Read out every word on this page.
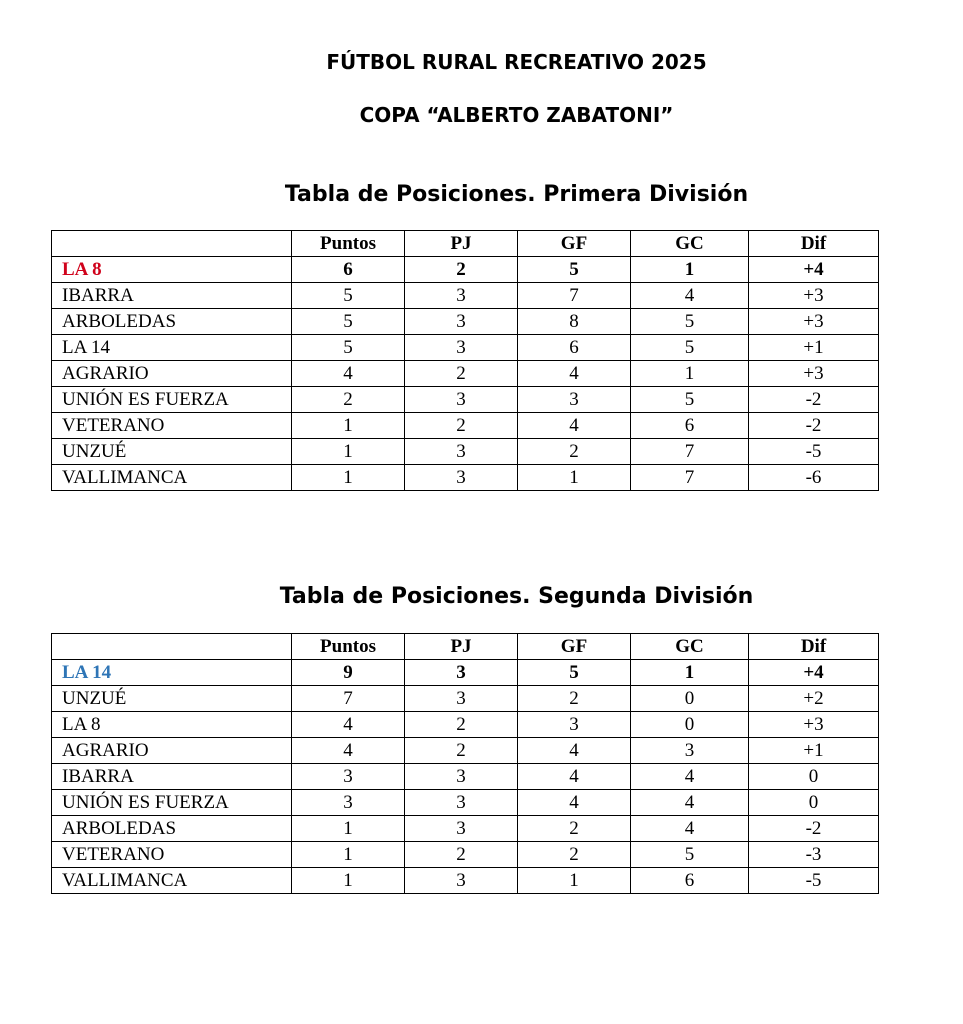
FÚTBOL RURAL RECREATIVO 2025
COPA “ALBERTO ZABATONI”
Tabla de Posiciones. Primera División
	Puntos	PJ	GF	GC	Dif
LA 8	6	2	5	1	+4
IBARRA	5	3	7	4	+3
ARBOLEDAS	5	3	8	5	+3
LA 14	5	3	6	5	+1
AGRARIO	4	2	4	1	+3
UNIÓN ES FUERZA	2	3	3	5	-2
VETERANO	1	2	4	6	-2
UNZUÉ	1	3	2	7	-5
VALLIMANCA	1	3	1	7	-6
Tabla de Posiciones. Segunda División
	Puntos	PJ	GF	GC	Dif
LA 14	9	3	5	1	+4
UNZUÉ	7	3	2	0	+2
LA 8	4	2	3	0	+3
AGRARIO	4	2	4	3	+1
IBARRA	3	3	4	4	0
UNIÓN ES FUERZA	3	3	4	4	0
ARBOLEDAS	1	3	2	4	-2
VETERANO	1	2	2	5	-3
VALLIMANCA	1	3	1	6	-5
